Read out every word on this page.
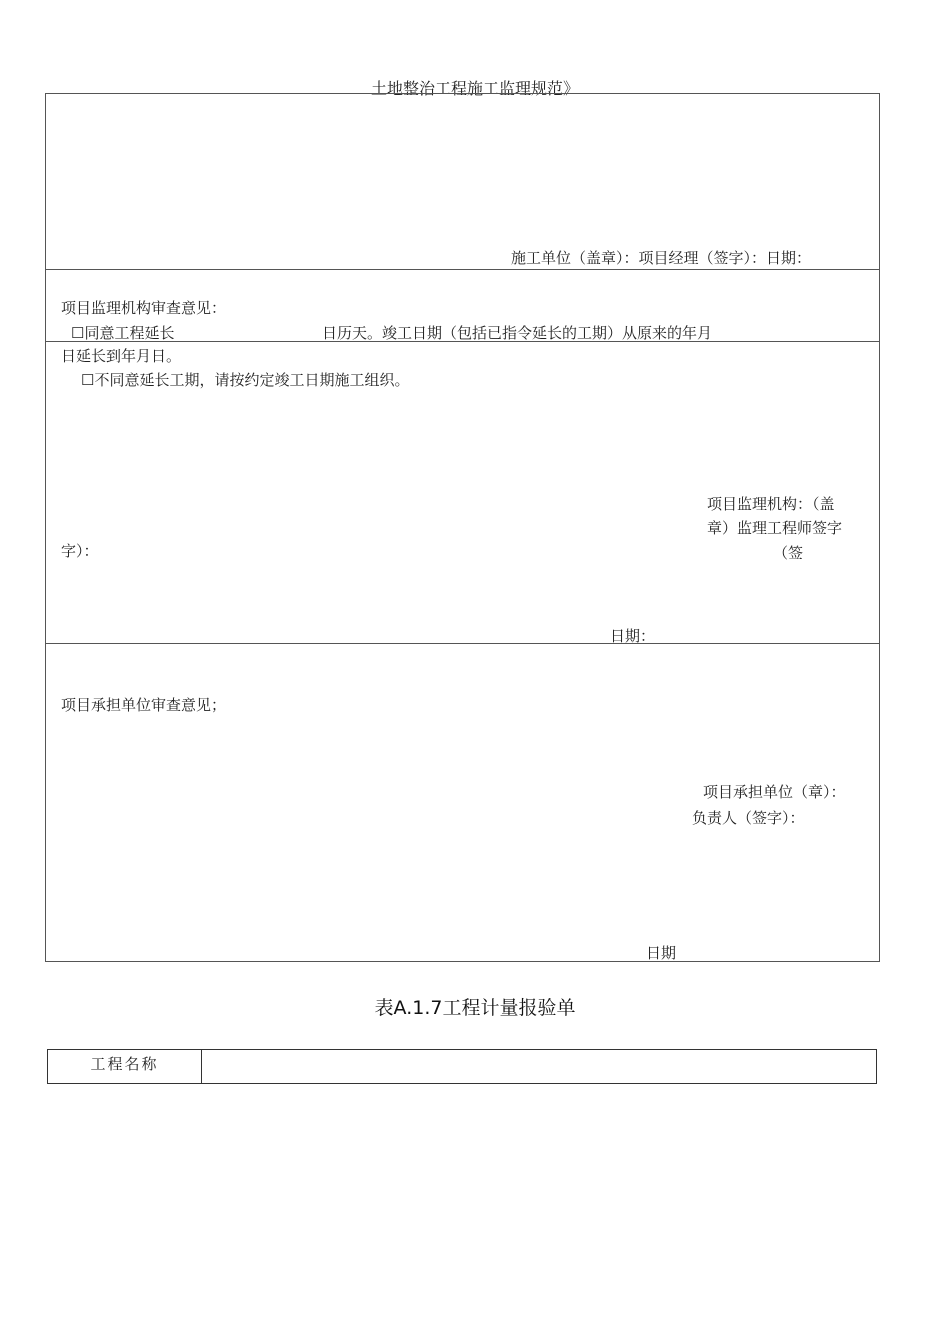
土地整治工程施工监理规范》
施工单位（盖章）：项目经理（签字）：日期：
项目监理机构审查意见：
☐同意工程延长	日历天。竣工日期（包括已指令延长的工期）从原来的年月
日延长到年月日。
☐不同意延长工期，请按约定竣工日期施工组织。
项目监理机构：（盖
章）监理工程师签字
（签
字）：
日期：
项目承担单位审查意见；
项目承担单位（章）：
负责人（签字）：
日期
表A.1.7工程计量报验单
工程名称
